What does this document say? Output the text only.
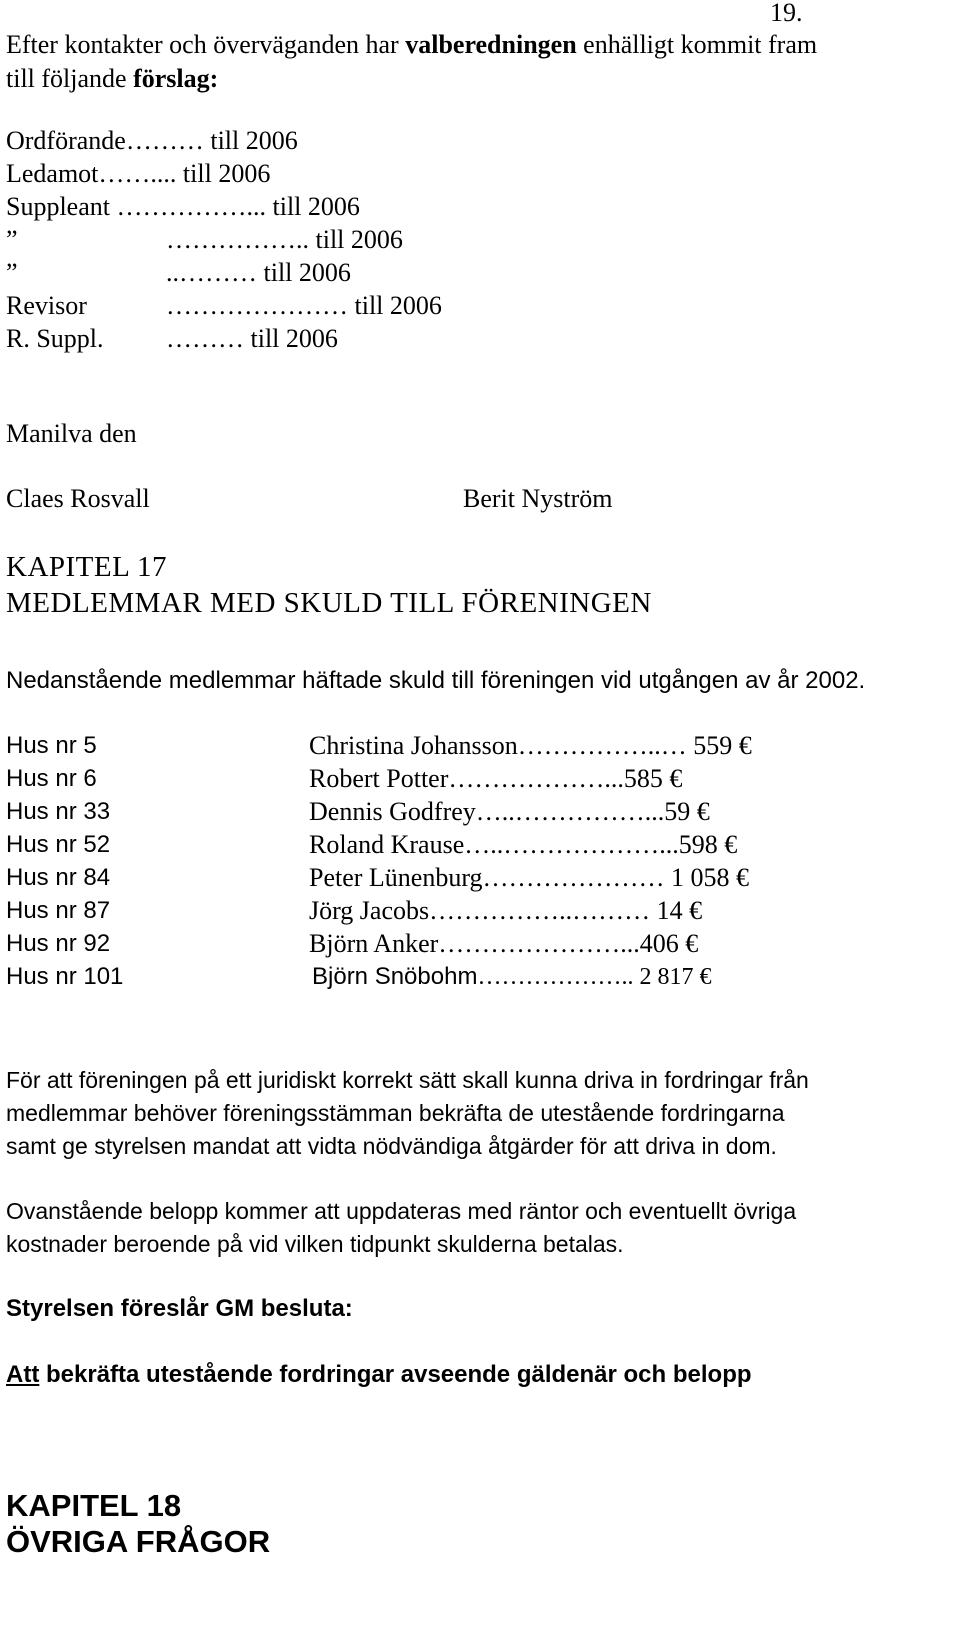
19.
Efter kontakter och överväganden har valberedningen enhälligt kommit fram
till följande förslag:
Ordförande……… till 2006
Ledamot…….... till 2006
Suppleant ……………... till 2006
”	…………….. till 2006
”	..……… till 2006
Revisor	………………… till 2006
R. Suppl. ……… till 2006
Manilva den
Claes Rosvall	Berit Nyström
KAPITEL 17
MEDLEMMAR MED SKULD TILL FÖRENINGEN
Nedanstående medlemmar häftade skuld till föreningen vid utgången av år 2002.
Hus nr 5	Christina Johansson……………..… 559 €
Hus nr 6	Robert Potter………………...585 €
Hus nr 33	Dennis Godfrey…..……………...59 €
Hus nr 52	Roland Krause…..………………...598 €
Hus nr 84	Peter Lünenburg………………… 1 058 €
Hus nr 87	Jörg Jacobs……………..……… 14 €
Hus nr 92	Björn Anker…………………...406 €
Hus nr 101	Björn Snöbohm……………….. 2 817 €
För att föreningen på ett juridiskt korrekt sätt skall kunna driva in fordringar från
medlemmar behöver föreningsstämman bekräfta de utestående fordringarna
samt ge styrelsen mandat att vidta nödvändiga åtgärder för att driva in dom.
Ovanstående belopp kommer att uppdateras med räntor och eventuellt övriga
kostnader beroende på vid vilken tidpunkt skulderna betalas.
Styrelsen föreslår GM besluta:
Att bekräfta utestående fordringar avseende gäldenär och belopp
KAPITEL 18
ÖVRIGA FRÅGOR
